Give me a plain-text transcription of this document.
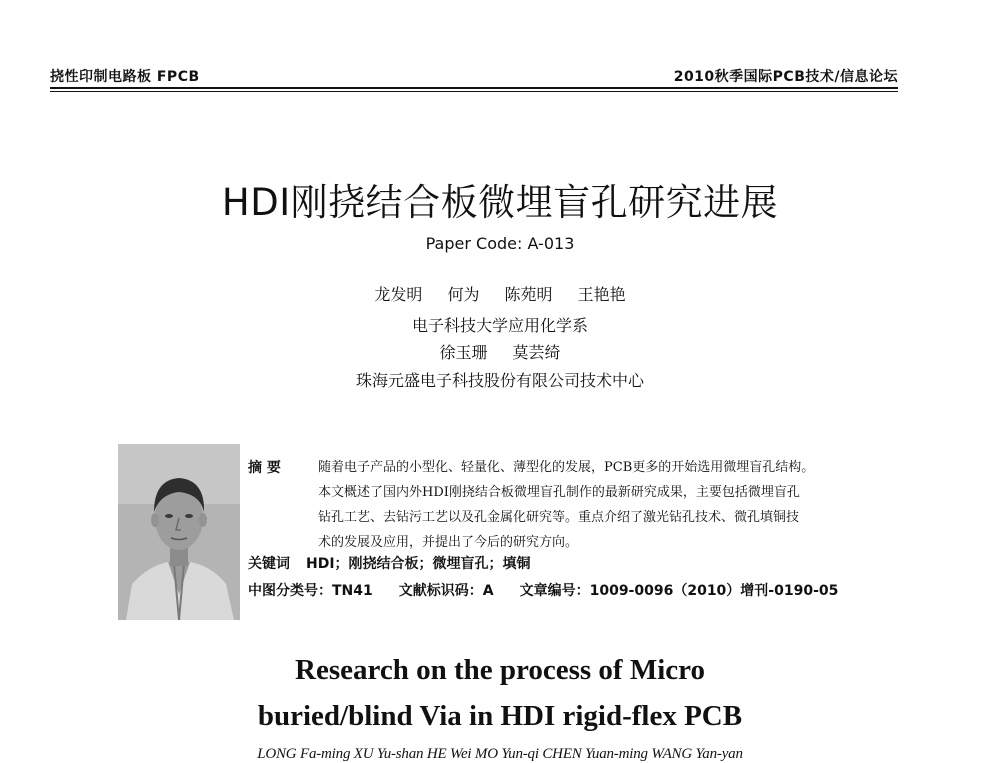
挠性印制电路板 FPCB	2010秋季国际PCB技术/信息论坛
HDI刚挠结合板微埋盲孔研究进展
Paper Code: A-013
龙发明 何为 陈苑明 王艳艳
电子科技大学应用化学系
徐玉珊 莫芸绮
珠海元盛电子科技股份有限公司技术中心
摘 要	随着电子产品的小型化、轻量化、薄型化的发展，PCB更多的开始选用微埋盲孔结构。
本文概述了国内外HDI刚挠结合板微埋盲孔制作的最新研究成果，主要包括微埋盲孔
钻孔工艺、去钻污工艺以及孔金属化研究等。重点介绍了激光钻孔技术、微孔填铜技
术的发展及应用，并提出了今后的研究方向。
关键词 HDI；刚挠结合板；微埋盲孔；填铜
中图分类号：TN41 文献标识码：A 文章编号：1009-0096（2010）增刊-0190-05
Research on the process of Micro
buried/blind Via in HDI rigid-flex PCB
LONG Fa-ming XU Yu-shan HE Wei MO Yun-qi CHEN Yuan-ming WANG Yan-yan
